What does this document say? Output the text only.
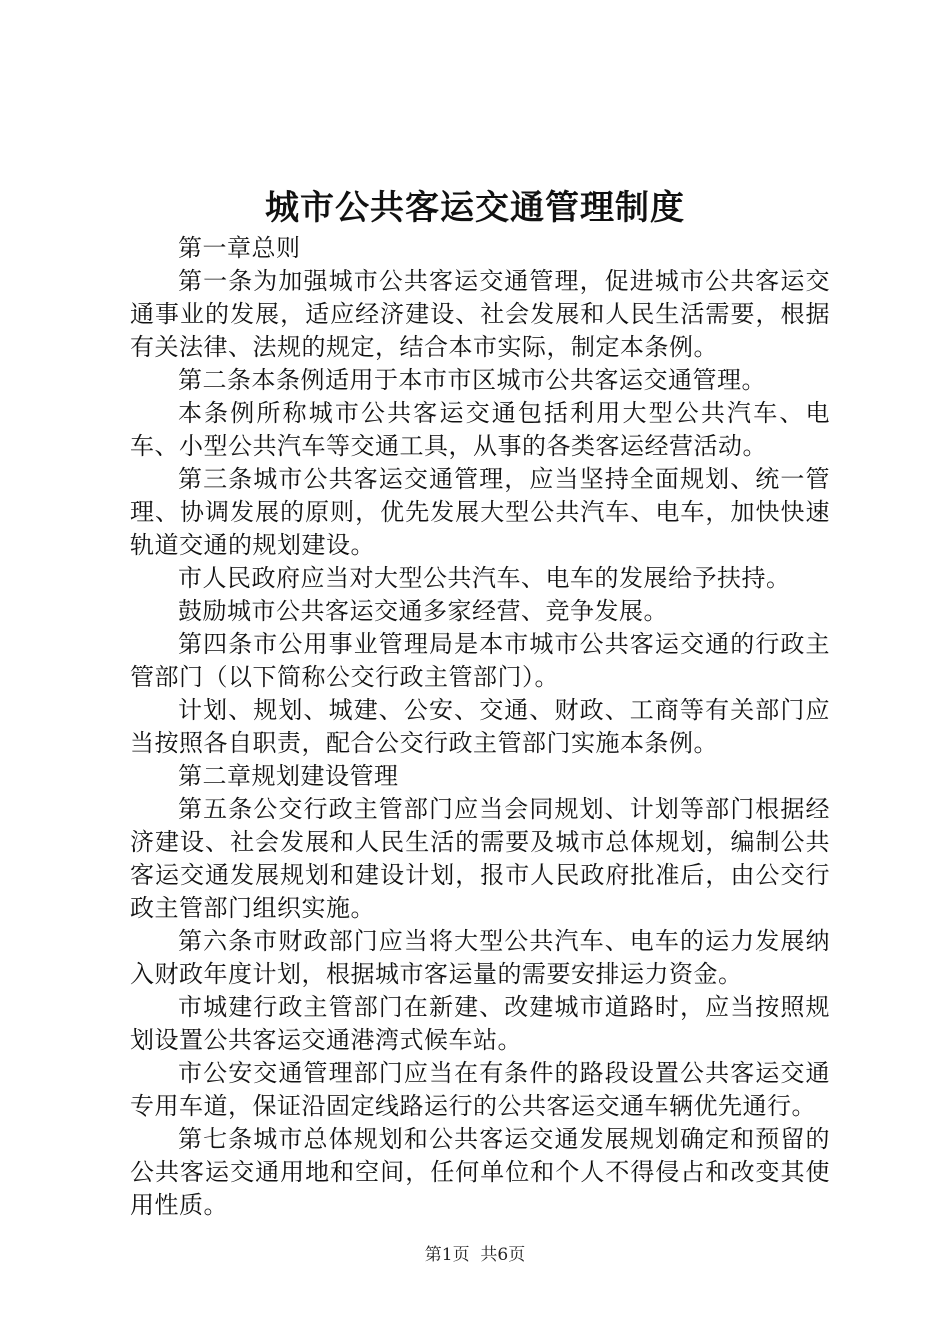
城市公共客运交通管理制度

第一章总则

第一条为加强城市公共客运交通管理，促进城市公共客运交通事业的发展，适应经济建设、社会发展和人民生活需要，根据有关法律、法规的规定，结合本市实际，制定本条例。

第二条本条例适用于本市市区城市公共客运交通管理。

本条例所称城市公共客运交通包括利用大型公共汽车、电车、小型公共汽车等交通工具，从事的各类客运经营活动。

第三条城市公共客运交通管理，应当坚持全面规划、统一管理、协调发展的原则，优先发展大型公共汽车、电车，加快快速轨道交通的规划建设。

市人民政府应当对大型公共汽车、电车的发展给予扶持。

鼓励城市公共客运交通多家经营、竞争发展。

第四条市公用事业管理局是本市城市公共客运交通的行政主管部门（以下简称公交行政主管部门）。

计划、规划、城建、公安、交通、财政、工商等有关部门应当按照各自职责，配合公交行政主管部门实施本条例。

第二章规划建设管理

第五条公交行政主管部门应当会同规划、计划等部门根据经济建设、社会发展和人民生活的需要及城市总体规划，编制公共客运交通发展规划和建设计划，报市人民政府批准后，由公交行政主管部门组织实施。

第六条市财政部门应当将大型公共汽车、电车的运力发展纳入财政年度计划，根据城市客运量的需要安排运力资金。

市城建行政主管部门在新建、改建城市道路时，应当按照规划设置公共客运交通港湾式候车站。

市公安交通管理部门应当在有条件的路段设置公共客运交通专用车道，保证沿固定线路运行的公共客运交通车辆优先通行。

第七条城市总体规划和公共客运交通发展规划确定和预留的公共客运交通用地和空间，任何单位和个人不得侵占和改变其使用性质。

第1页 共6页
